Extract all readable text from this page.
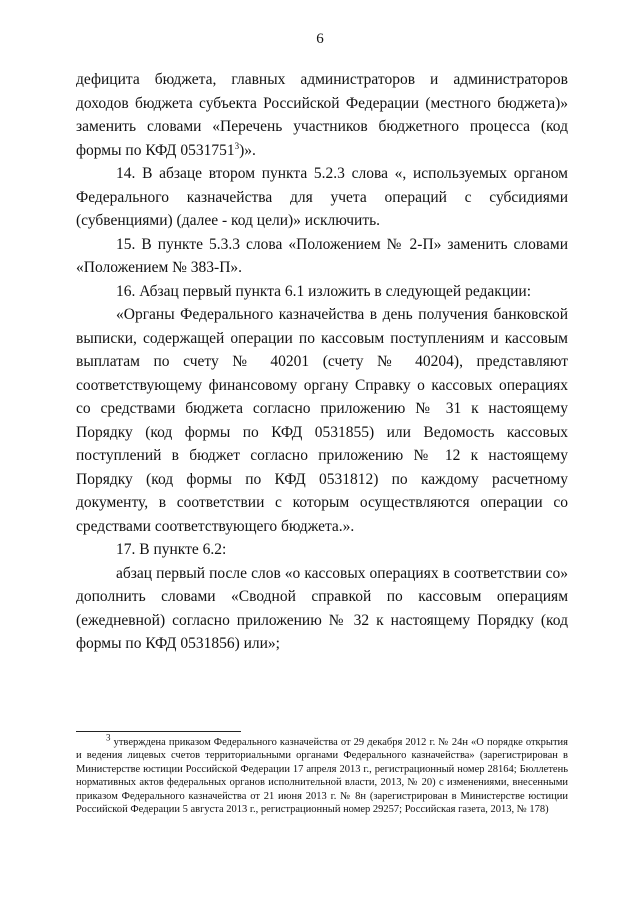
6

дефицита бюджета, главных администраторов и администраторов доходов бюджета субъекта Российской Федерации (местного бюджета)» заменить словами «Перечень участников бюджетного процесса (код формы по КФД 0531751$^3$)».

14. В абзаце втором пункта 5.2.3 слова «, используемых органом Федерального казначейства для учета операций с субсидиями (субвенциями) (далее - код цели)» исключить.

15. В пункте 5.3.3 слова «Положением № 2-П» заменить словами «Положением № 383-П».

16. Абзац первый пункта 6.1 изложить в следующей редакции:

«Органы Федерального казначейства в день получения банковской выписки, содержащей операции по кассовым поступлениям и кассовым выплатам по счету № 40201 (счету № 40204), представляют соответствующему финансовому органу Справку о кассовых операциях со средствами бюджета согласно приложению № 31 к настоящему Порядку (код формы по КФД 0531855) или Ведомость кассовых поступлений в бюджет согласно приложению № 12 к настоящему Порядку (код формы по КФД 0531812) по каждому расчетному документу, в соответствии с которым осуществляются операции со средствами соответствующего бюджета.».

17. В пункте 6.2:

абзац первый после слов «о кассовых операциях в соответствии со» дополнить словами «Сводной справкой по кассовым операциям (ежедневной) согласно приложению № 32 к настоящему Порядку (код формы по КФД 0531856) или»;

$^3$ утверждена приказом Федерального казначейства от 29 декабря 2012 г. № 24н «О порядке открытия и ведения лицевых счетов территориальными органами Федерального казначейства» (зарегистрирован в Министерстве юстиции Российской Федерации 17 апреля 2013 г., регистрационный номер 28164; Бюллетень нормативных актов федеральных органов исполнительной власти, 2013, № 20) с изменениями, внесенными приказом Федерального казначейства от 21 июня 2013 г. № 8н (зарегистрирован в Министерстве юстиции Российской Федерации 5 августа 2013 г., регистрационный номер 29257; Российская газета, 2013, № 178)
